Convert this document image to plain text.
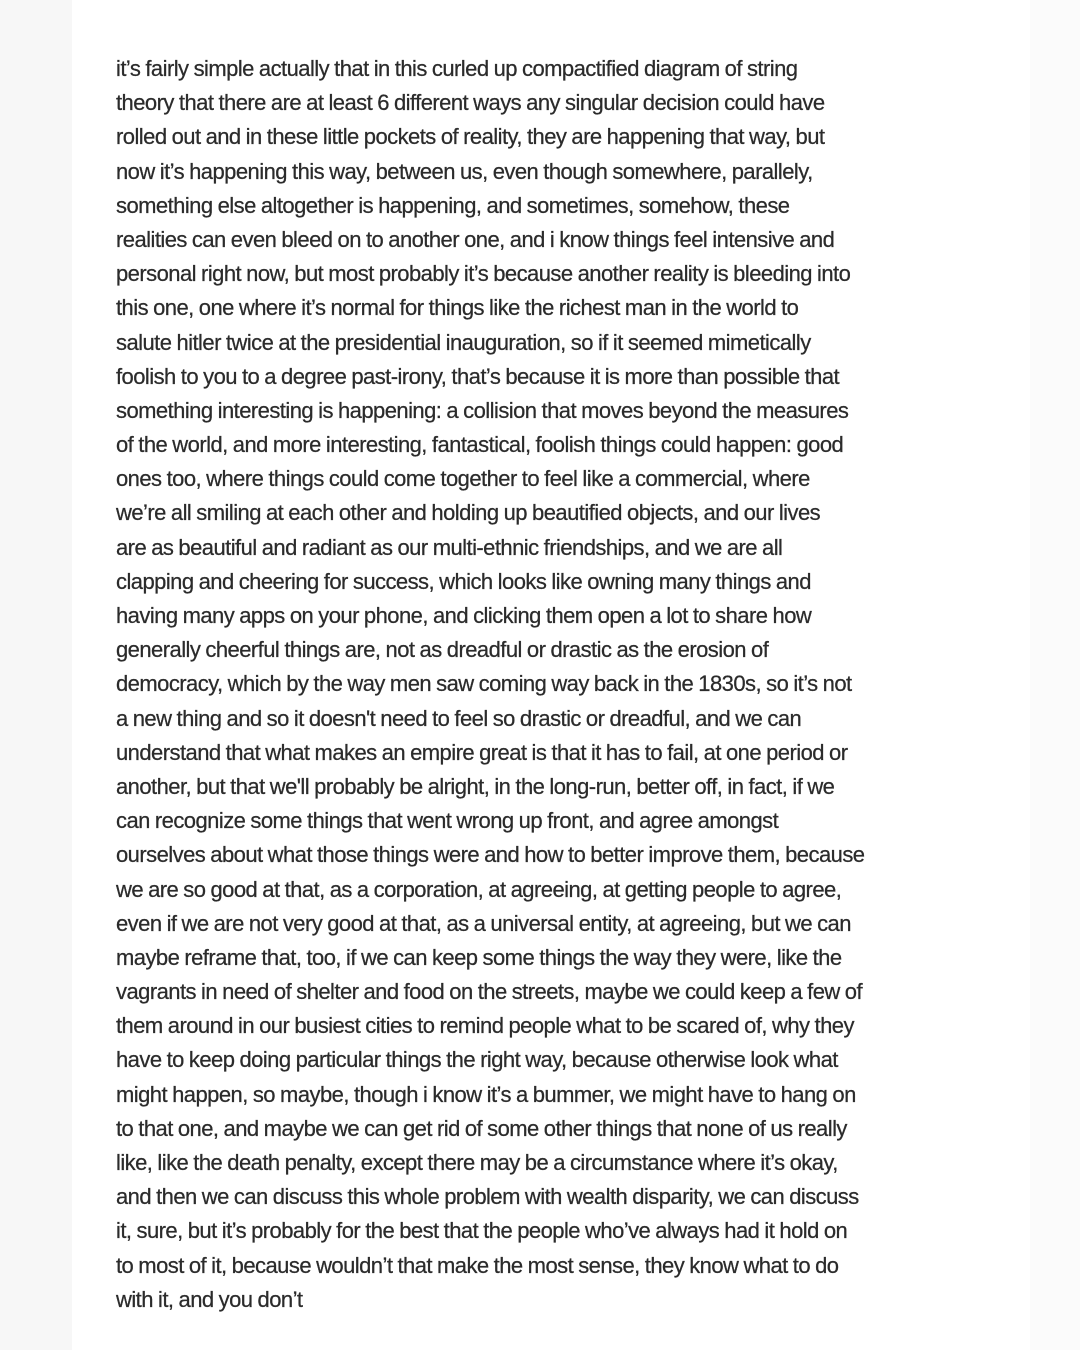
it’s fairly simple actually that in this curled up compactified diagram of string
theory that there are at least 6 different ways any singular decision could have
rolled out and in these little pockets of reality, they are happening that way, but
now it’s happening this way, between us, even though somewhere, parallely,
something else altogether is happening, and sometimes, somehow, these
realities can even bleed on to another one, and i know things feel intensive and
personal right now, but most probably it’s because another reality is bleeding into
this one, one where it’s normal for things like the richest man in the world to
salute hitler twice at the presidential inauguration, so if it seemed mimetically
foolish to you to a degree past-irony, that’s because it is more than possible that
something interesting is happening: a collision that moves beyond the measures
of the world, and more interesting, fantastical, foolish things could happen: good
ones too, where things could come together to feel like a commercial, where
we’re all smiling at each other and holding up beautified objects, and our lives
are as beautiful and radiant as our multi-ethnic friendships, and we are all
clapping and cheering for success, which looks like owning many things and
having many apps on your phone, and clicking them open a lot to share how
generally cheerful things are, not as dreadful or drastic as the erosion of
democracy, which by the way men saw coming way back in the 1830s, so it’s not
a new thing and so it doesn't need to feel so drastic or dreadful, and we can
understand that what makes an empire great is that it has to fail, at one period or
another, but that we'll probably be alright, in the long-run, better off, in fact, if we
can recognize some things that went wrong up front, and agree amongst
ourselves about what those things were and how to better improve them, because
we are so good at that, as a corporation, at agreeing, at getting people to agree,
even if we are not very good at that, as a universal entity, at agreeing, but we can
maybe reframe that, too, if we can keep some things the way they were, like the
vagrants in need of shelter and food on the streets, maybe we could keep a few of
them around in our busiest cities to remind people what to be scared of, why they
have to keep doing particular things the right way, because otherwise look what
might happen, so maybe, though i know it’s a bummer, we might have to hang on
to that one, and maybe we can get rid of some other things that none of us really
like, like the death penalty, except there may be a circumstance where it’s okay,
and then we can discuss this whole problem with wealth disparity, we can discuss
it, sure, but it’s probably for the best that the people who’ve always had it hold on
to most of it, because wouldn’t that make the most sense, they know what to do
with it, and you don’t
